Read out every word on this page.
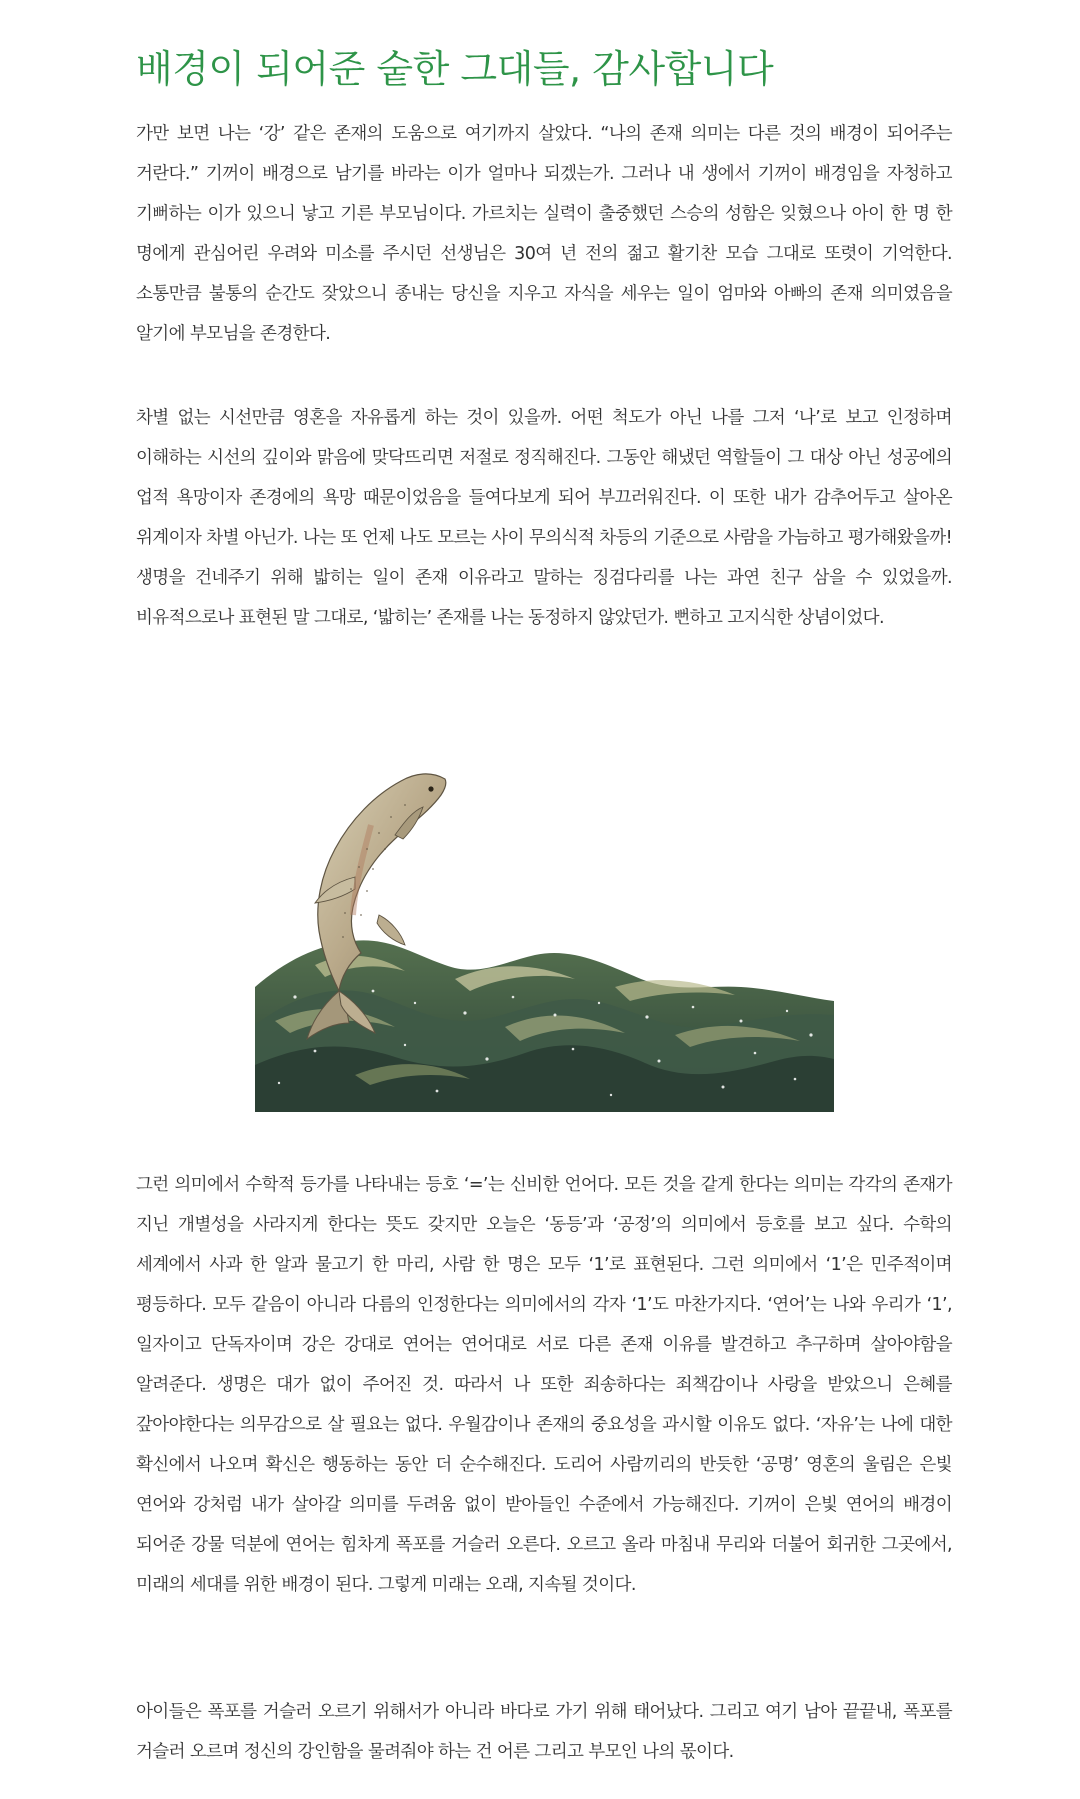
배경이 되어준 숱한 그대들, 감사합니다

가만 보면 나는 ‘강’ 같은 존재의 도움으로 여기까지 살았다. “나의 존재 의미는 다른 것의 배경이 되어주는 거란다.” 기꺼이 배경으로 남기를 바라는 이가 얼마나 되겠는가. 그러나 내 생에서 기꺼이 배경임을 자청하고 기뻐하는 이가 있으니 낳고 기른 부모님이다. 가르치는 실력이 출중했던 스승의 성함은 잊혔으나 아이 한 명 한 명에게 관심어린 우려와 미소를 주시던 선생님은 30여 년 전의 젊고 활기찬 모습 그대로 또렷이 기억한다. 소통만큼 불통의 순간도 잦았으니 종내는 당신을 지우고 자식을 세우는 일이 엄마와 아빠의 존재 의미였음을 알기에 부모님을 존경한다.

차별 없는 시선만큼 영혼을 자유롭게 하는 것이 있을까. 어떤 척도가 아닌 나를 그저 ‘나’로 보고 인정하며 이해하는 시선의 깊이와 맑음에 맞닥뜨리면 저절로 정직해진다. 그동안 해냈던 역할들이 그 대상 아닌 성공에의 업적 욕망이자 존경에의 욕망 때문이었음을 들여다보게 되어 부끄러워진다. 이 또한 내가 감추어두고 살아온 위계이자 차별 아닌가. 나는 또 언제 나도 모르는 사이 무의식적 차등의 기준으로 사람을 가늠하고 평가해왔을까! 생명을 건네주기 위해 밟히는 일이 존재 이유라고 말하는 징검다리를 나는 과연 친구 삼을 수 있었을까. 비유적으로나 표현된 말 그대로, ‘밟히는’ 존재를 나는 동정하지 않았던가. 뻔하고 고지식한 상념이었다.

그런 의미에서 수학적 등가를 나타내는 등호 ‘=’는 신비한 언어다. 모든 것을 같게 한다는 의미는 각각의 존재가 지닌 개별성을 사라지게 한다는 뜻도 갖지만 오늘은 ‘동등’과 ‘공정’의 의미에서 등호를 보고 싶다. 수학의 세계에서 사과 한 알과 물고기 한 마리, 사람 한 명은 모두 ‘1’로 표현된다. 그런 의미에서 ‘1’은 민주적이며 평등하다. 모두 같음이 아니라 다름의 인정한다는 의미에서의 각자 ‘1’도 마찬가지다. ‘연어’는 나와 우리가 ‘1’, 일자이고 단독자이며 강은 강대로 연어는 연어대로 서로 다른 존재 이유를 발견하고 추구하며 살아야함을 알려준다. 생명은 대가 없이 주어진 것. 따라서 나 또한 죄송하다는 죄책감이나 사랑을 받았으니 은혜를 갚아야한다는 의무감으로 살 필요는 없다. 우월감이나 존재의 중요성을 과시할 이유도 없다. ‘자유’는 나에 대한 확신에서 나오며 확신은 행동하는 동안 더 순수해진다. 도리어 사람끼리의 반듯한 ‘공명’ 영혼의 울림은 은빛 연어와 강처럼 내가 살아갈 의미를 두려움 없이 받아들인 수준에서 가능해진다. 기꺼이 은빛 연어의 배경이 되어준 강물 덕분에 연어는 힘차게 폭포를 거슬러 오른다. 오르고 올라 마침내 무리와 더불어 회귀한 그곳에서, 미래의 세대를 위한 배경이 된다. 그렇게 미래는 오래, 지속될 것이다.

아이들은 폭포를 거슬러 오르기 위해서가 아니라 바다로 가기 위해 태어났다. 그리고 여기 남아 끝끝내, 폭포를 거슬러 오르며 정신의 강인함을 물려줘야 하는 건 어른 그리고 부모인 나의 몫이다.
